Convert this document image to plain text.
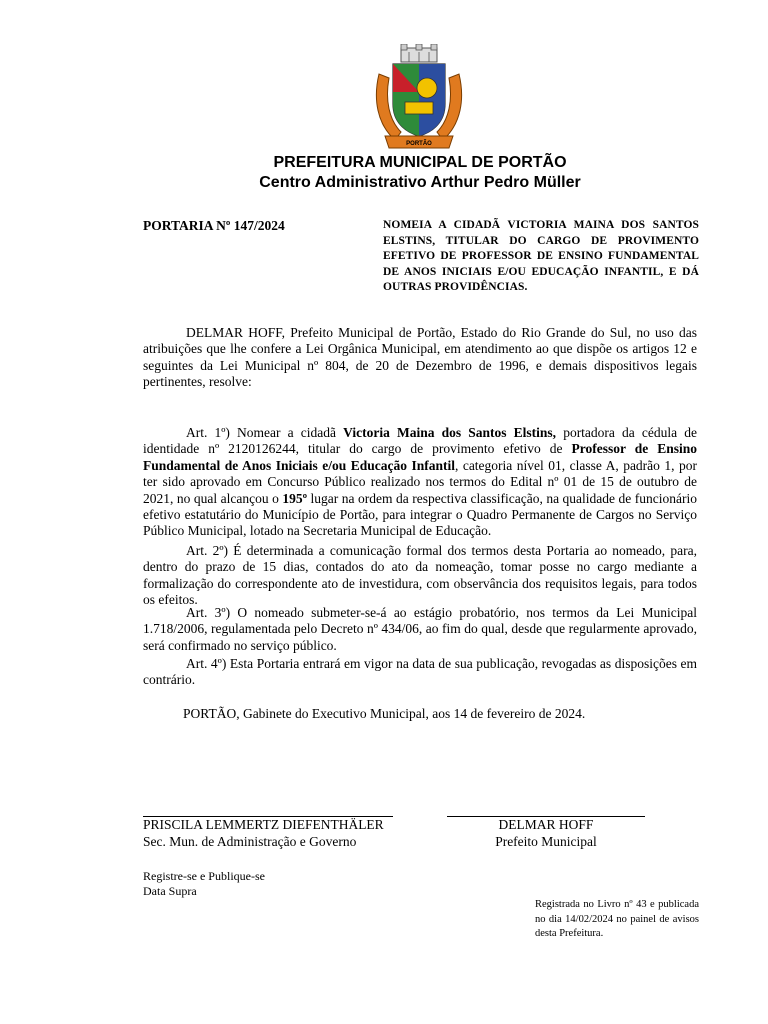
PORTÃO
PREFEITURA MUNICIPAL DE PORTÃO
Centro Administrativo Arthur Pedro Müller
PORTARIA Nº 147/2024	NOMEIA A CIDADÃ VICTORIA MAINA DOS SANTOS ELSTINS, TITULAR DO CARGO DE PROVIMENTO EFETIVO DE PROFESSOR DE ENSINO FUNDAMENTAL DE ANOS INICIAIS E/OU EDUCAÇÃO INFANTIL, E DÁ OUTRAS PROVIDÊNCIAS.

DELMAR HOFF, Prefeito Municipal de Portão, Estado do Rio Grande do Sul, no uso das atribuições que lhe confere a Lei Orgânica Municipal, em atendimento ao que dispõe os artigos 12 e seguintes da Lei Municipal nº 804, de 20 de Dezembro de 1996, e demais dispositivos legais pertinentes, resolve:

Art. 1º) Nomear a cidadã Victoria Maina dos Santos Elstins, portadora da cédula de identidade nº 2120126244, titular do cargo de provimento efetivo de Professor de Ensino Fundamental de Anos Iniciais e/ou Educação Infantil, categoria nível 01, classe A, padrão 1, por ter sido aprovado em Concurso Público realizado nos termos do Edital nº 01 de 15 de outubro de 2021, no qual alcançou o 195º lugar na ordem da respectiva classificação, na qualidade de funcionário efetivo estatutário do Município de Portão, para integrar o Quadro Permanente de Cargos no Serviço Público Municipal, lotado na Secretaria Municipal de Educação.

Art. 2º) É determinada a comunicação formal dos termos desta Portaria ao nomeado, para, dentro do prazo de 15 dias, contados do ato da nomeação, tomar posse no cargo mediante a formalização do correspondente ato de investidura, com observância dos requisitos legais, para todos os efeitos.

Art. 3º) O nomeado submeter-se-á ao estágio probatório, nos termos da Lei Municipal 1.718/2006, regulamentada pelo Decreto nº 434/06, ao fim do qual, desde que regularmente aprovado, será confirmado no serviço público.

Art. 4º) Esta Portaria entrará em vigor na data de sua publicação, revogadas as disposições em contrário.

PORTÃO, Gabinete do Executivo Municipal, aos 14 de fevereiro de 2024.
PRISCILA LEMMERTZ DIEFENTHÄLER
Sec. Mun. de Administração e Governo
DELMAR HOFF
Prefeito Municipal
Registre-se e Publique-se
Data Supra
Registrada no Livro nº 43 e publicada no dia 14/02/2024 no painel de avisos desta Prefeitura.
